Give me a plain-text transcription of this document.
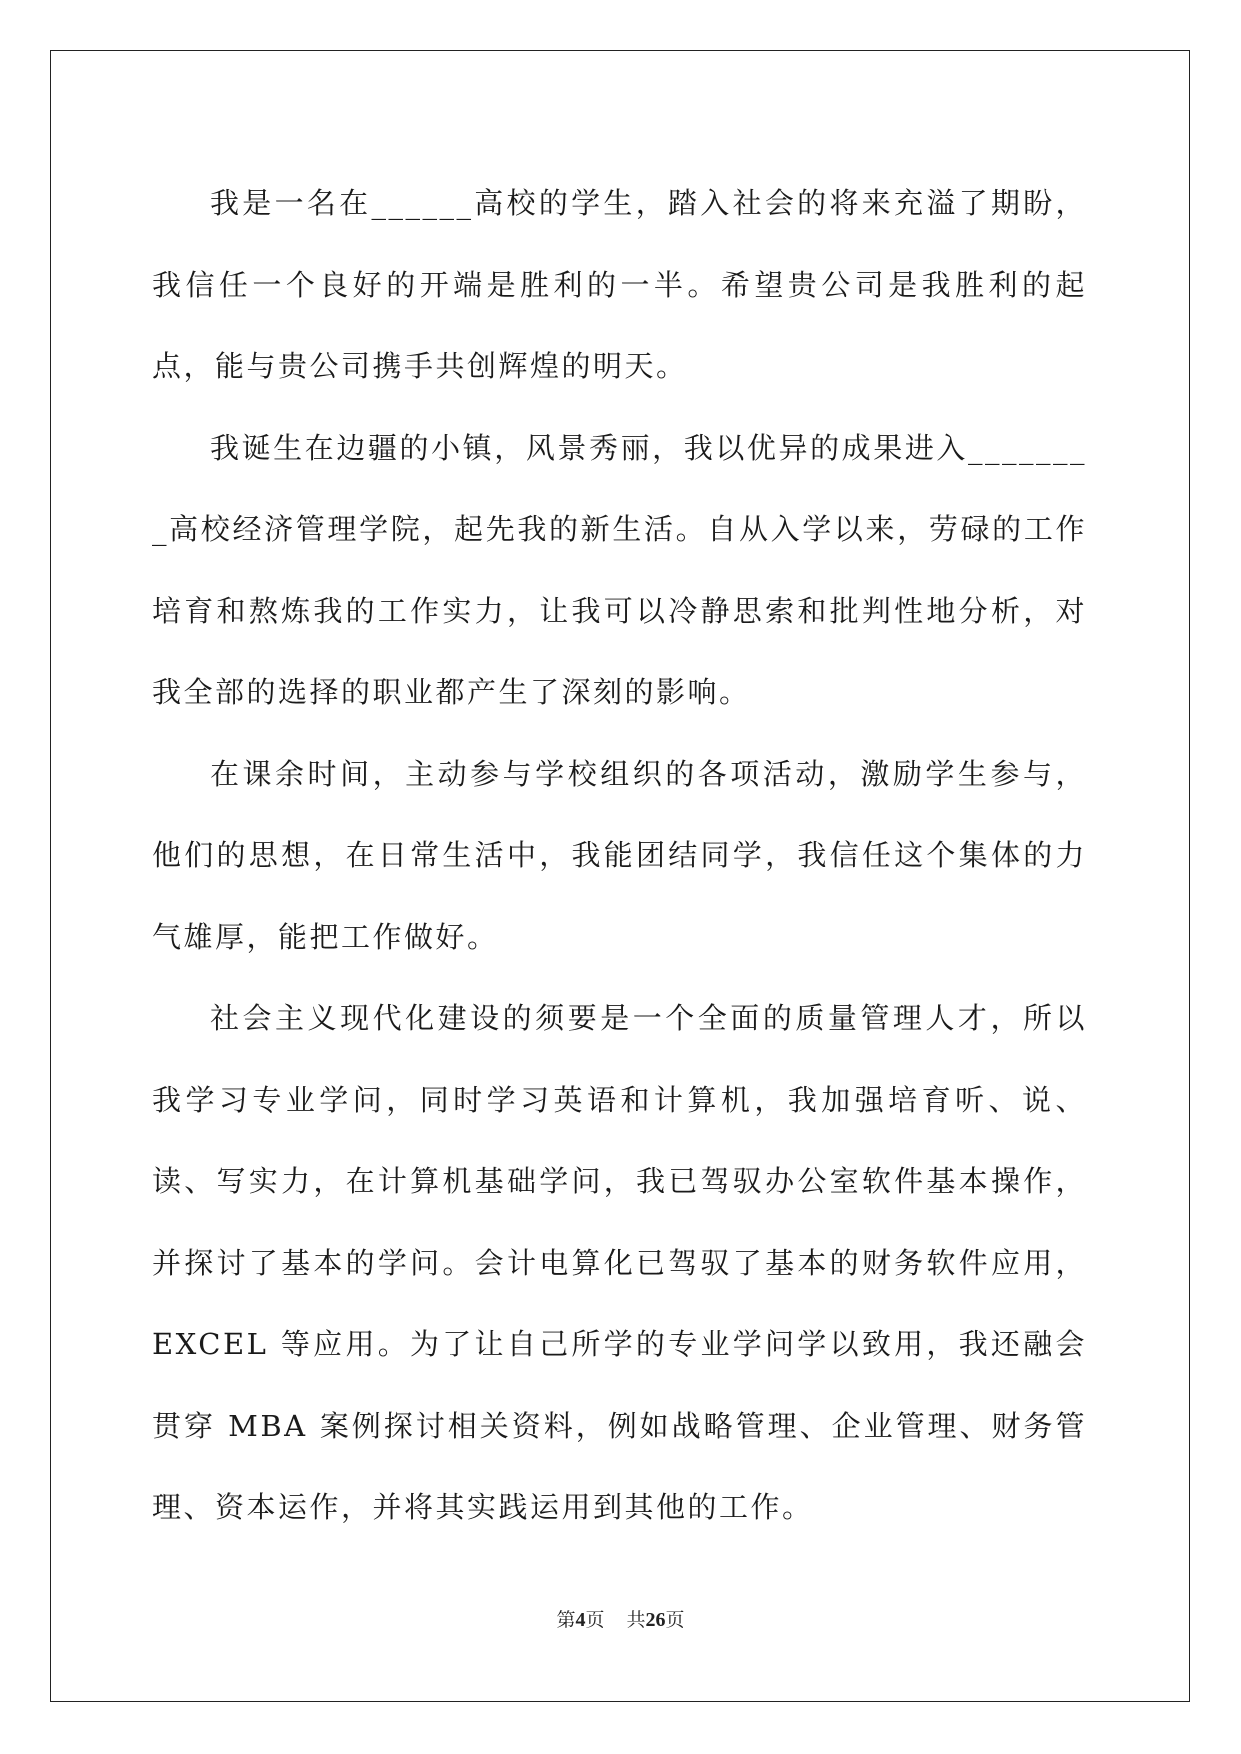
我是一名在______高校的学生，踏入社会的将来充溢了期盼，我信任一个良好的开端是胜利的一半。希望贵公司是我胜利的起点，能与贵公司携手共创辉煌的明天。

我诞生在边疆的小镇，风景秀丽，我以优异的成果进入________高校经济管理学院，起先我的新生活。自从入学以来，劳碌的工作培育和熬炼我的工作实力，让我可以冷静思索和批判性地分析，对我全部的选择的职业都产生了深刻的影响。

在课余时间，主动参与学校组织的各项活动，激励学生参与，他们的思想，在日常生活中，我能团结同学，我信任这个集体的力气雄厚，能把工作做好。

社会主义现代化建设的须要是一个全面的质量管理人才，所以我学习专业学问，同时学习英语和计算机，我加强培育听、说、读、写实力，在计算机基础学问，我已驾驭办公室软件基本操作，并探讨了基本的学问。会计电算化已驾驭了基本的财务软件应用，EXCEL 等应用。为了让自己所学的专业学问学以致用，我还融会贯穿 MBA 案例探讨相关资料，例如战略管理、企业管理、财务管理、资本运作，并将其实践运用到其他的工作。

第4页 共26页
